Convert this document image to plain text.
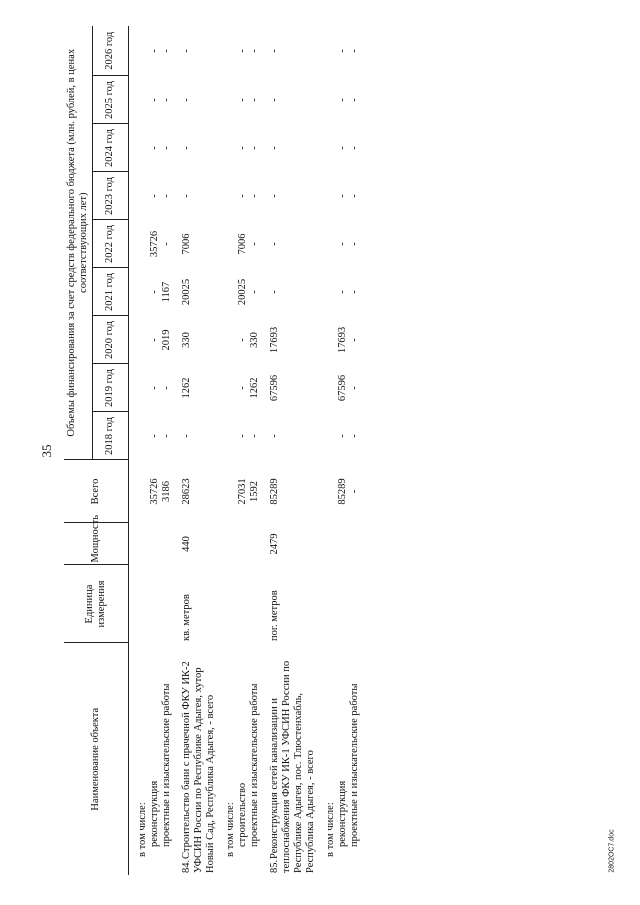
35
2802ОС7.doc
Наименование объекта	Единица измерения	Мощность	Всего	Объемы финансирования за счет средств федерального бюджета (млн. рублей, в ценах соответствующих лет)								
				2018 год	2019 год	2020 год	2021 год	2022 год	2023 год	2024 год	2025 год	2026 год
в том числе:												
реконструкция			35726	-	-	-	-	35726	-	-	-	-
проектные и изыскательские работы			3186	-	-	2019	1167	-	-	-	-	-
84.Строительство бани с прачечной ФКУ ИК-2 УФСИН России по Республике Адыгея, хутор Новый Сад, Республика Адыгея, - всего	кв. метров	440	28623	-	1262	330	20025	7006	-	-	-	-
в том числе:												
строительство			27031	-	-	-	20025	7006	-	-	-	-
проектные и изыскательские работы			1592	-	1262	330	-	-	-	-	-	-
85.Реконструкция сетей канализации и теплоснабжения ФКУ ИК-1 УФСИН России по Республике Адыгея, пос. Тлюстенхабль, Республика Адыгея, - всего	пог. метров	2479	85289	-	67596	17693	-	-	-	-	-	-
в том числе:												
реконструкция			85289	-	67596	17693	-	-	-	-	-	-
проектные и изыскательские работы			-	-	-	-	-	-	-	-	-	-
